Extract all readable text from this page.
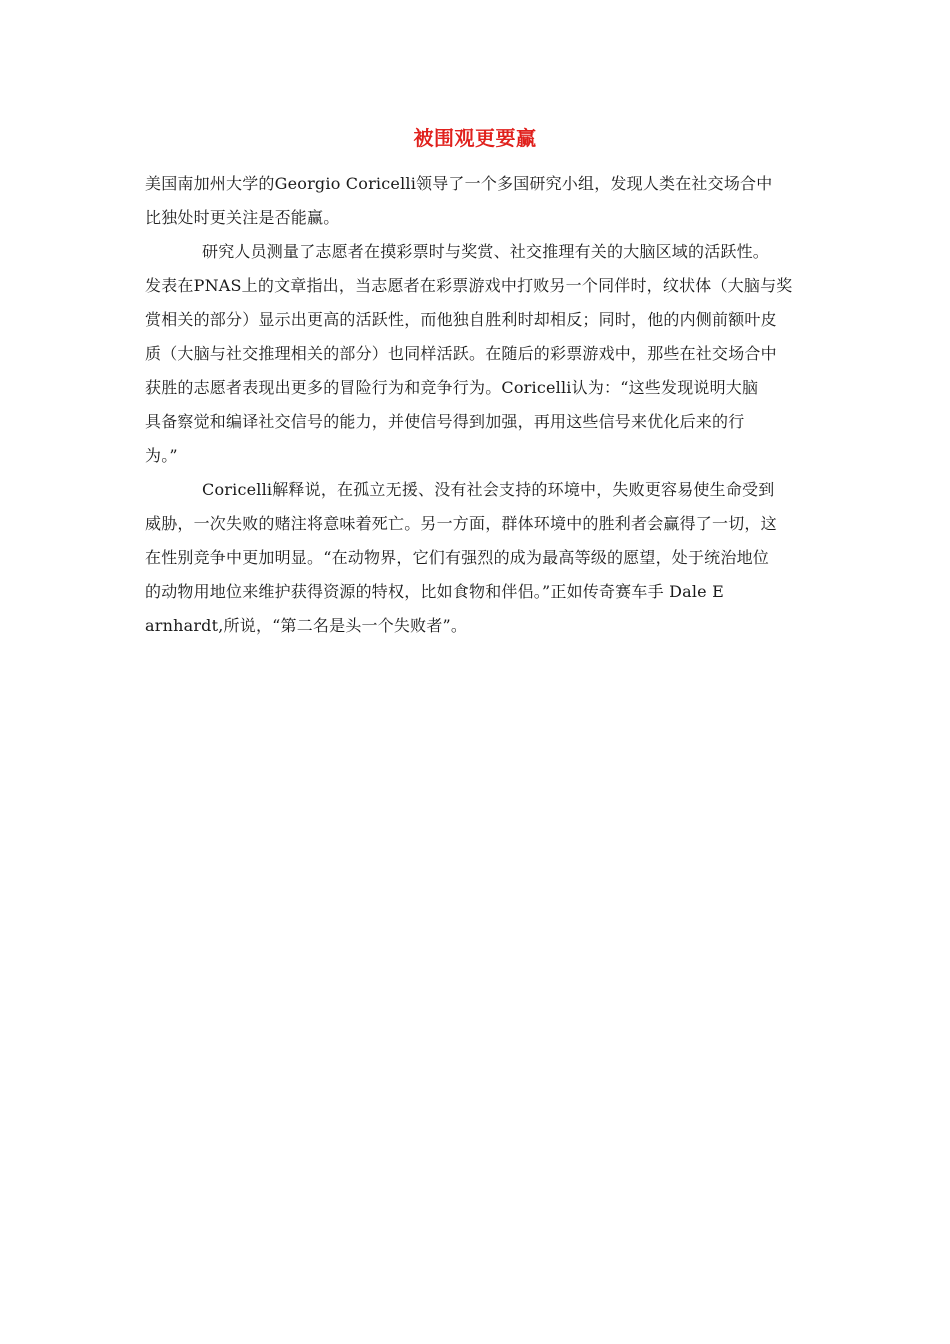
被围观更要赢
美国南加州大学的Georgio Coricelli领导了一个多国研究小组，发现人类在社交场合中
比独处时更关注是否能赢。
研究人员测量了志愿者在摸彩票时与奖赏、社交推理有关的大脑区域的活跃性。
发表在PNAS上的文章指出，当志愿者在彩票游戏中打败另一个同伴时，纹状体（大脑与奖
赏相关的部分）显示出更高的活跃性，而他独自胜利时却相反；同时，他的内侧前额叶皮
质（大脑与社交推理相关的部分）也同样活跃。在随后的彩票游戏中，那些在社交场合中
获胜的志愿者表现出更多的冒险行为和竞争行为。Coricelli认为：“这些发现说明大脑
具备察觉和编译社交信号的能力，并使信号得到加强，再用这些信号来优化后来的行
为。”
Coricelli解释说，在孤立无援、没有社会支持的环境中，失败更容易使生命受到
威胁，一次失败的赌注将意味着死亡。另一方面，群体环境中的胜利者会赢得了一切，这
在性别竞争中更加明显。“在动物界，它们有强烈的成为最高等级的愿望，处于统治地位
的动物用地位来维护获得资源的特权，比如食物和伴侣。”正如传奇赛车手 Dale E
arnhardt,所说，“第二名是头一个失败者”。
